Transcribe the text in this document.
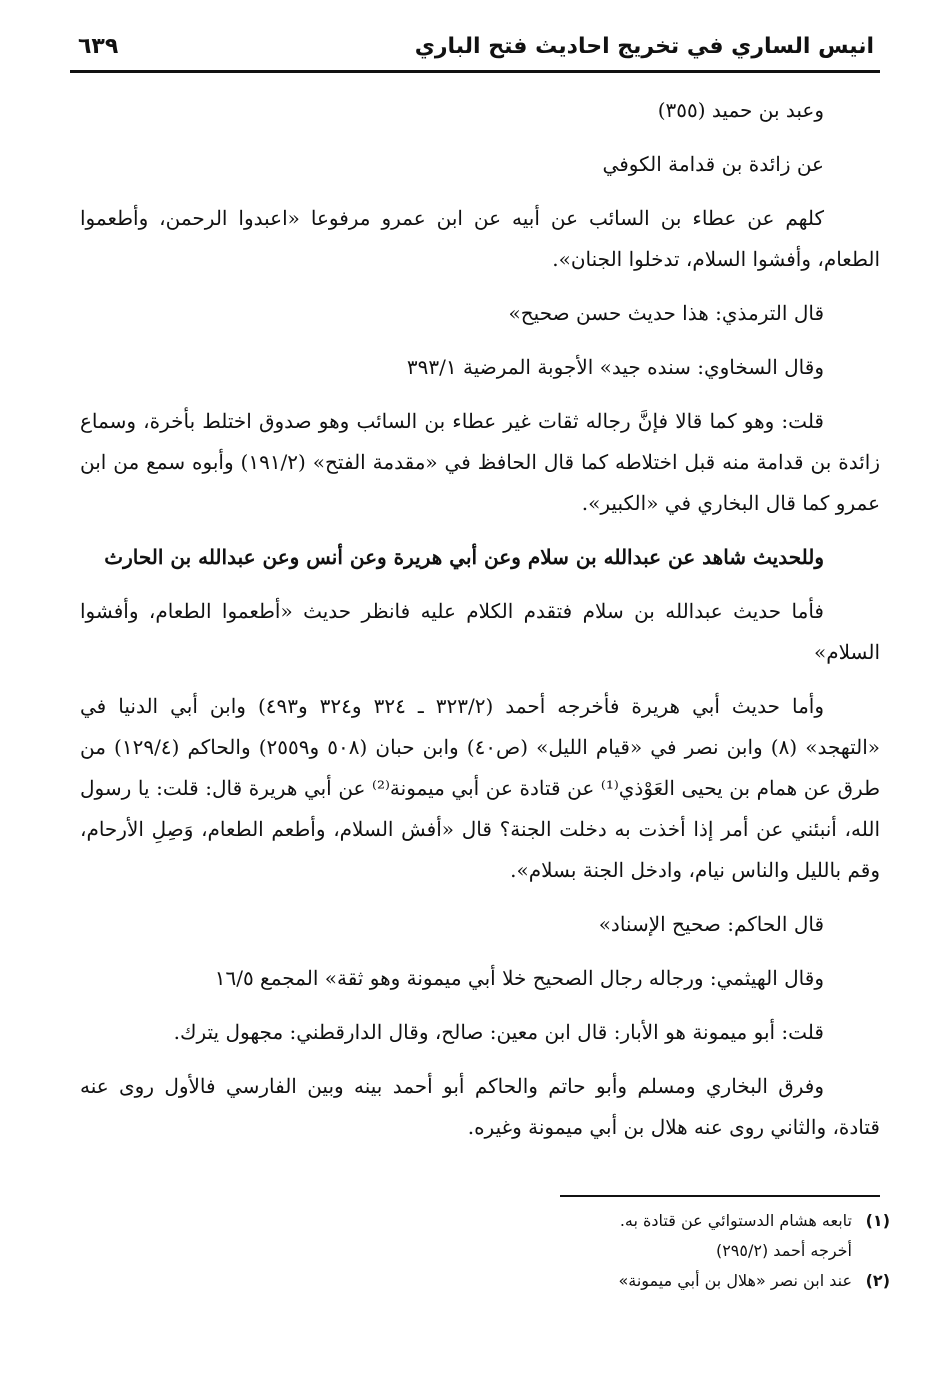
انيس الساري في تخريج احاديث فتح الباري
٦٣٩

وعبد بن حميد (٣٥٥)

عن زائدة بن قدامة الكوفي

كلهم عن عطاء بن السائب عن أبيه عن ابن عمرو مرفوعا «اعبدوا الرحمن، وأطعموا الطعام، وأفشوا السلام، تدخلوا الجنان».

قال الترمذي: هذا حديث حسن صحيح»

وقال السخاوي: سنده جيد» الأجوبة المرضية ٣٩٣/١

قلت: وهو كما قالا فإنَّ رجاله ثقات غير عطاء بن السائب وهو صدوق اختلط بأخرة، وسماع زائدة بن قدامة منه قبل اختلاطه كما قال الحافظ في «مقدمة الفتح» (١٩١/٢) وأبوه سمع من ابن عمرو كما قال البخاري في «الكبير».

وللحديث شاهد عن عبدالله بن سلام وعن أبي هريرة وعن أنس وعن عبدالله بن الحارث

فأما حديث عبدالله بن سلام فتقدم الكلام عليه فانظر حديث «أطعموا الطعام، وأفشوا السلام»

وأما حديث أبي هريرة فأخرجه أحمد (٣٢٣/٢ ـ ٣٢٤ و٣٢٤ و٤٩٣) وابن أبي الدنيا في «التهجد» (٨) وابن نصر في «قيام الليل» (ص٤٠) وابن حبان (٥٠٨ و٢٥٥٩) والحاكم (١٢٩/٤) من طرق عن همام بن يحيى العَوْذي⁽¹⁾ عن قتادة عن أبي ميمونة⁽²⁾ عن أبي هريرة قال: قلت: يا رسول الله، أنبئني عن أمر إذا أخذت به دخلت الجنة؟ قال «أفش السلام، وأطعم الطعام، وَصِلِ الأرحام، وقم بالليل والناس نيام، وادخل الجنة بسلام».

قال الحاكم: صحيح الإسناد»

وقال الهيثمي: ورجاله رجال الصحيح خلا أبي ميمونة وهو ثقة» المجمع ١٦/٥

قلت: أبو ميمونة هو الأبار: قال ابن معين: صالح، وقال الدارقطني: مجهول يترك.

وفرق البخاري ومسلم وأبو حاتم والحاكم أبو أحمد بينه وبين الفارسي فالأول روى عنه قتادة، والثاني روى عنه هلال بن أبي ميمونة وغيره.

(١)تابعه هشام الدستوائي عن قتادة به.
أخرجه أحمد (٢٩٥/٢)
(٢)عند ابن نصر «هلال بن أبي ميمونة»
